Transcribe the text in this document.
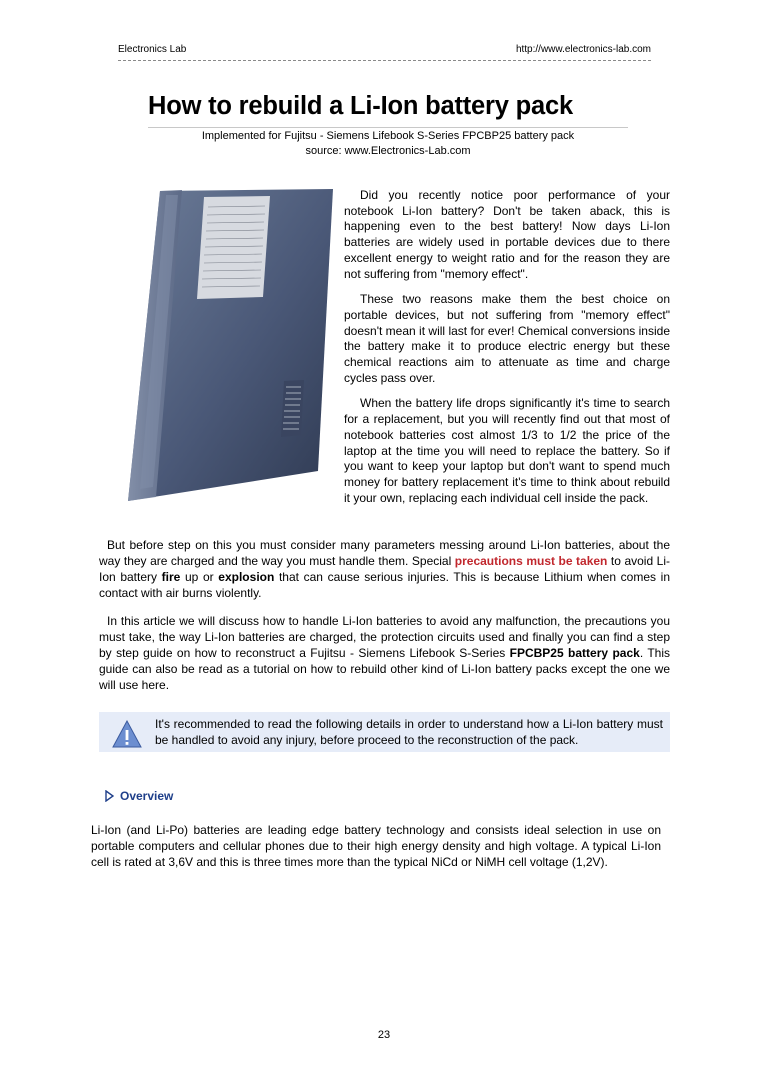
Electronics Lab	http://www.electronics-lab.com
How to rebuild a Li-Ion battery pack
Implemented for Fujitsu - Siemens Lifebook S-Series FPCBP25 battery pack
source: www.Electronics-Lab.com

Did you recently notice poor performance of your notebook Li-Ion battery? Don't be taken aback, this is happening even to the best battery! Now days Li-Ion batteries are widely used in portable devices due to there excellent energy to weight ratio and for the reason they are not suffering from "memory effect".

These two reasons make them the best choice on portable devices, but not suffering from "memory effect" doesn't mean it will last for ever! Chemical conversions inside the battery make it to produce electric energy but these chemical reactions aim to attenuate as time and charge cycles pass over.

When the battery life drops significantly it's time to search for a replacement, but you will recently find out that most of notebook batteries cost almost 1/3 to 1/2 the price of the laptop at the time you will need to replace the battery. So if you want to keep your laptop but don't want to spend much money for battery replacement it's time to think about rebuild it your own, replacing each individual cell inside the pack.

But before step on this you must consider many parameters messing around Li-Ion batteries, about the way they are charged and the way you must handle them. Special precautions must be taken to avoid Li-Ion battery fire up or explosion that can cause serious injuries. This is because Lithium when comes in contact with air burns violently.

In this article we will discuss how to handle Li-Ion batteries to avoid any malfunction, the precautions you must take, the way Li-Ion batteries are charged, the protection circuits used and finally you can find a step by step guide on how to reconstruct a Fujitsu - Siemens Lifebook S-Series FPCBP25 battery pack. This guide can also be read as a tutorial on how to rebuild other kind of Li-Ion battery packs except the one we will use here.

It's recommended to read the following details in order to understand how a Li-Ion battery must be handled to avoid any injury, before proceed to the reconstruction of the pack.
Overview
Li-Ion (and Li-Po) batteries are leading edge battery technology and consists ideal selection in use on portable computers and cellular phones due to their high energy density and high voltage. A typical Li-Ion cell is rated at 3,6V and this is three times more than the typical NiCd or NiMH cell voltage (1,2V).
23
